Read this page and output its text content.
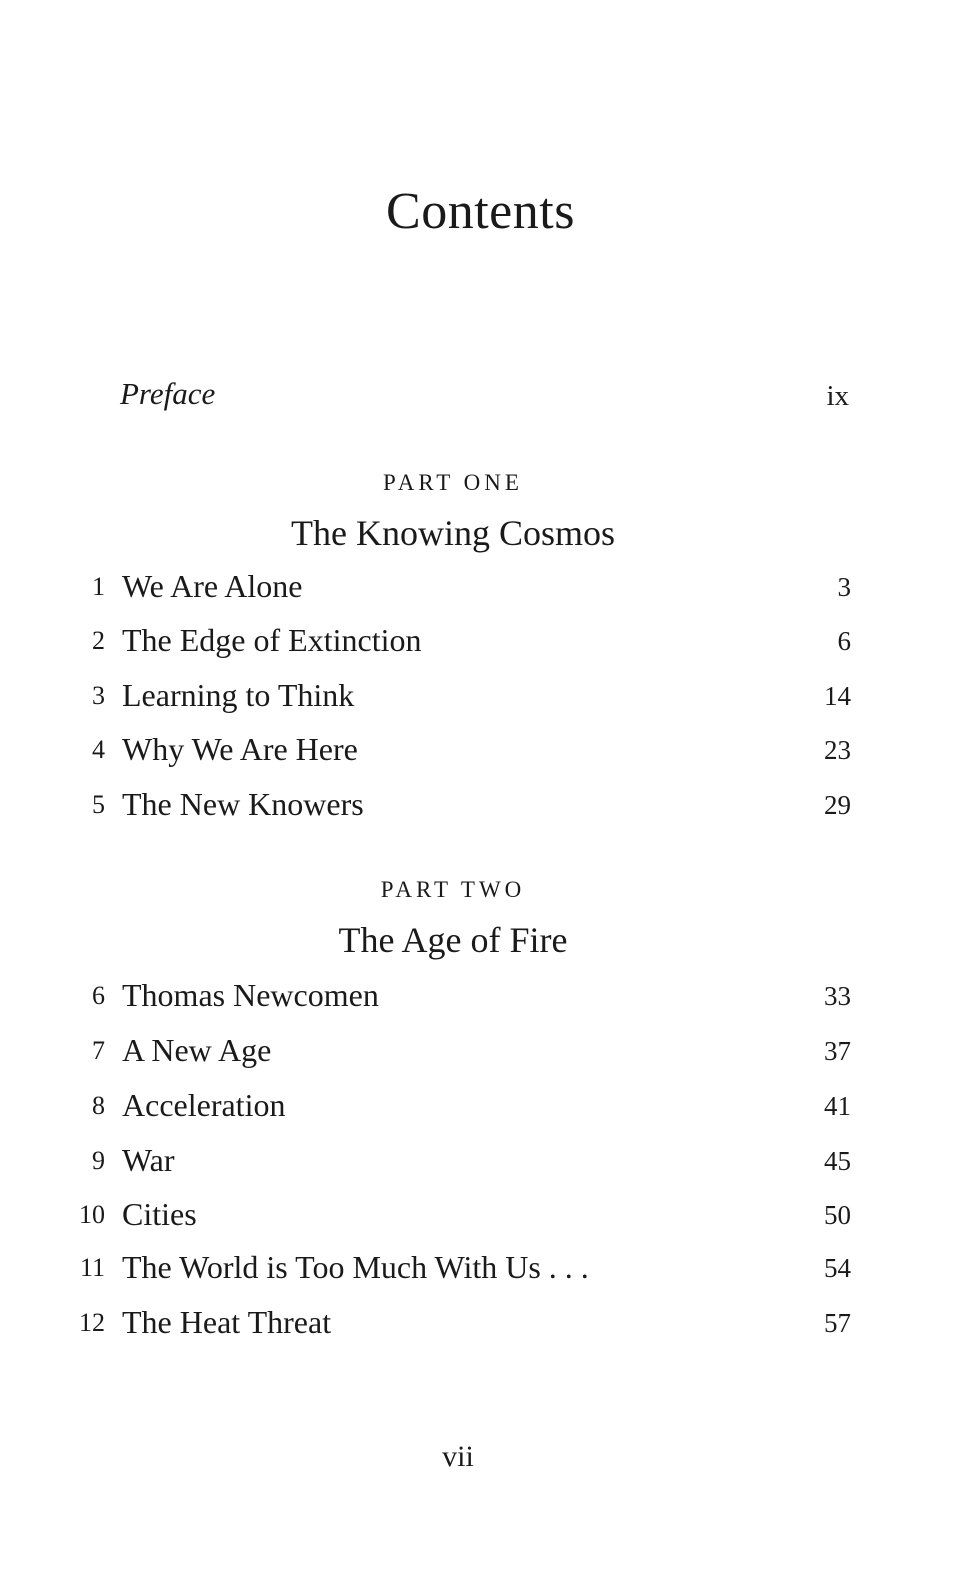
Contents
Preface	ix
PART ONE
The Knowing Cosmos
1 We Are Alone	3
2 The Edge of Extinction	6
3 Learning to Think	14
4 Why We Are Here	23
5 The New Knowers	29
PART TWO
The Age of Fire
6 Thomas Newcomen	33
7 A New Age	37
8 Acceleration	41
9 War	45
10 Cities	50
11 The World is Too Much With Us . . .	54
12 The Heat Threat	57
vii
